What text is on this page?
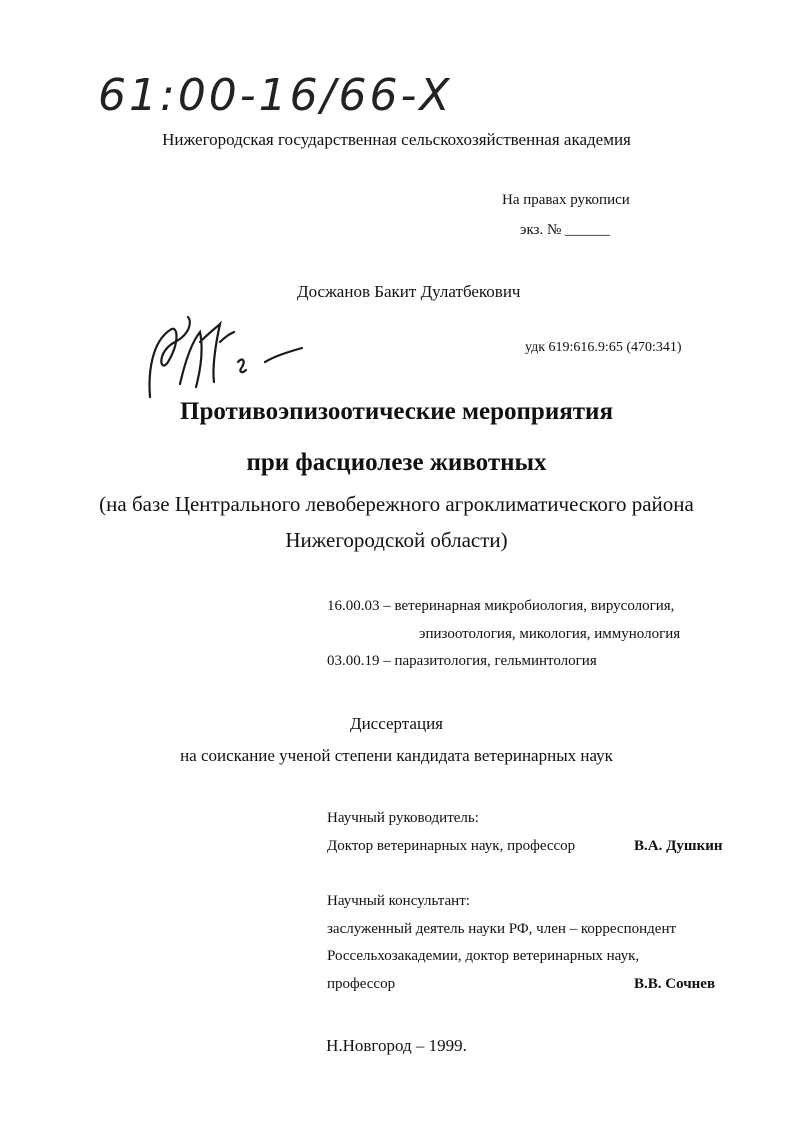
61:00-16/66-Х
Нижегородская государственная сельскохозяйственная академия
На правах рукописи
экз. № ______
Досжанов Бакит Дулатбекович
удк 619:616.9:65 (470:341)
Противоэпизоотические мероприятия
при фасциолезе животных
(на базе Центрального левобережного агроклиматического района
Нижегородской области)
16.00.03 – ветеринарная микробиология, вирусология,
эпизоотология, микология, иммунология
03.00.19 – паразитология, гельминтология
Диссертация
на соискание ученой степени кандидата ветеринарных наук
Научный руководитель:
Доктор ветеринарных наук, профессор	В.А. Душкин
Научный консультант:
заслуженный деятель науки РФ, член – корреспондент
Россельхозакадемии, доктор ветеринарных наук,
профессор	В.В. Сочнев
Н.Новгород – 1999.
